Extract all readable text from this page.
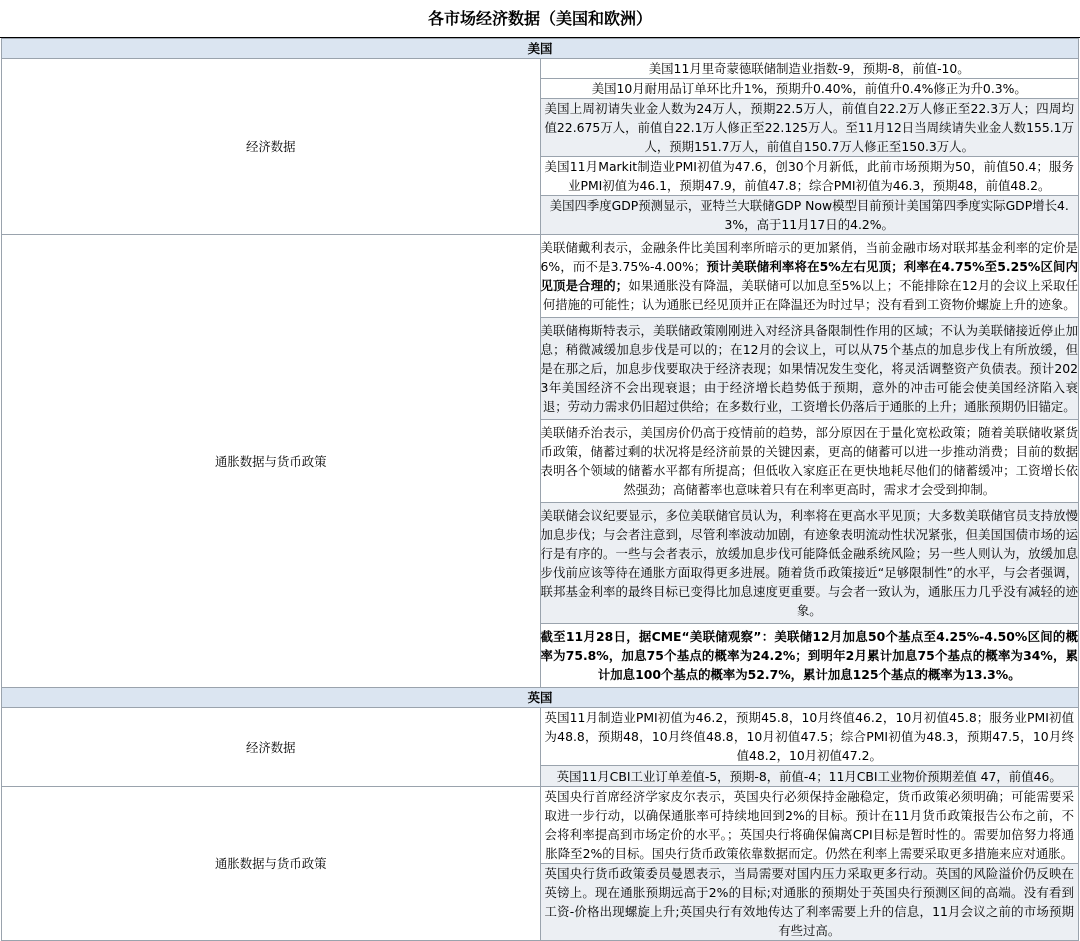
各市场经济数据（美国和欧洲）
美国	
经济数据	美国11月里奇蒙德联储制造业指数-9，预期-8，前值-10。
	美国10月耐用品订单环比升1%，预期升0.40%，前值升0.4%修正为升0.3%。
	美国上周初请失业金人数为24万人，预期22.5万人，前值自22.2万人修正至22.3万人；四周均值22.675万人，前值自22.1万人修正至22.125万人。至11月12日当周续请失业金人数155.1万人，预期151.7万人，前值自150.7万人修正至150.3万人。
	美国11月Markit制造业PMI初值为47.6，创30个月新低，此前市场预期为50，前值50.4；服务业PMI初值为46.1，预期47.9，前值47.8；综合PMI初值为46.3，预期48，前值48.2。
	美国四季度GDP预测显示，亚特兰大联储GDP Now模型目前预计美国第四季度实际GDP增长4.3%，高于11月17日的4.2%。
通胀数据与货币政策	美联储戴利表示，金融条件比美国利率所暗示的更加紧俏，当前金融市场对联邦基金利率的定价是6%，而不是3.75%-4.00%；预计美联储利率将在5%左右见顶；利率在4.75%至5.25%区间内见顶是合理的；如果通胀没有降温，美联储可以加息至5%以上；不能排除在12月的会议上采取任何措施的可能性；认为通胀已经见顶并正在降温还为时过早；没有看到工资物价螺旋上升的迹象。
	美联储梅斯特表示，美联储政策刚刚进入对经济具备限制性作用的区域；不认为美联储接近停止加息；稍微减缓加息步伐是可以的；在12月的会议上，可以从75个基点的加息步伐上有所放缓，但是在那之后，加息步伐要取决于经济表现；如果情况发生变化，将灵活调整资产负债表。预计2023年美国经济不会出现衰退；由于经济增长趋势低于预期，意外的冲击可能会使美国经济陷入衰退；劳动力需求仍旧超过供给；在多数行业，工资增长仍落后于通胀的上升；通胀预期仍旧锚定。
	美联储乔治表示，美国房价仍高于疫情前的趋势，部分原因在于量化宽松政策；随着美联储收紧货币政策，储蓄过剩的状况将是经济前景的关键因素，更高的储蓄可以进一步推动消费；目前的数据表明各个领域的储蓄水平都有所提高；但低收入家庭正在更快地耗尽他们的储蓄缓冲；工资增长依然强劲；高储蓄率也意味着只有在利率更高时，需求才会受到抑制。
	美联储会议纪要显示，多位美联储官员认为，利率将在更高水平见顶；大多数美联储官员支持放慢加息步伐；与会者注意到，尽管利率波动加剧，有迹象表明流动性状况紧张，但美国国债市场的运行是有序的。一些与会者表示，放缓加息步伐可能降低金融系统风险；另一些人则认为，放缓加息步伐前应该等待在通胀方面取得更多进展。随着货币政策接近“足够限制性”的水平，与会者强调，联邦基金利率的最终目标已变得比加息速度更重要。与会者一致认为，通胀压力几乎没有减轻的迹象。
	截至11月28日，据CME“美联储观察”：美联储12月加息50个基点至4.25%-4.50%区间的概率为75.8%，加息75个基点的概率为24.2%；到明年2月累计加息75个基点的概率为34%，累计加息100个基点的概率为52.7%，累计加息125个基点的概率为13.3%。
英国	
经济数据	英国11月制造业PMI初值为46.2，预期45.8，10月终值46.2，10月初值45.8；服务业PMI初值为48.8，预期48，10月终值48.8，10月初值47.5；综合PMI初值为48.3，预期47.5，10月终值48.2，10月初值47.2。
	英国11月CBI工业订单差值-5，预期-8，前值-4；11月CBI工业物价预期差值 47，前值46。
通胀数据与货币政策	英国央行首席经济学家皮尔表示，英国央行必须保持金融稳定，货币政策必须明确；可能需要采取进一步行动，以确保通胀率可持续地回到2%的目标。预计在11月货币政策报告公布之前，不会将利率提高到市场定价的水平。；英国央行将确保偏离CPI目标是暂时性的。需要加倍努力将通胀降至2%的目标。国央行货币政策依靠数据而定。仍然在利率上需要采取更多措施来应对通胀。
	英国央行货币政策委员曼恩表示，当局需要对国内压力采取更多行动。英国的风险溢价仍反映在英镑上。现在通胀预期远高于2%的目标;对通胀的预期处于英国央行预测区间的高端。没有看到工资-价格出现螺旋上升;英国央行有效地传达了利率需要上升的信息，11月会议之前的市场预期有些过高。
